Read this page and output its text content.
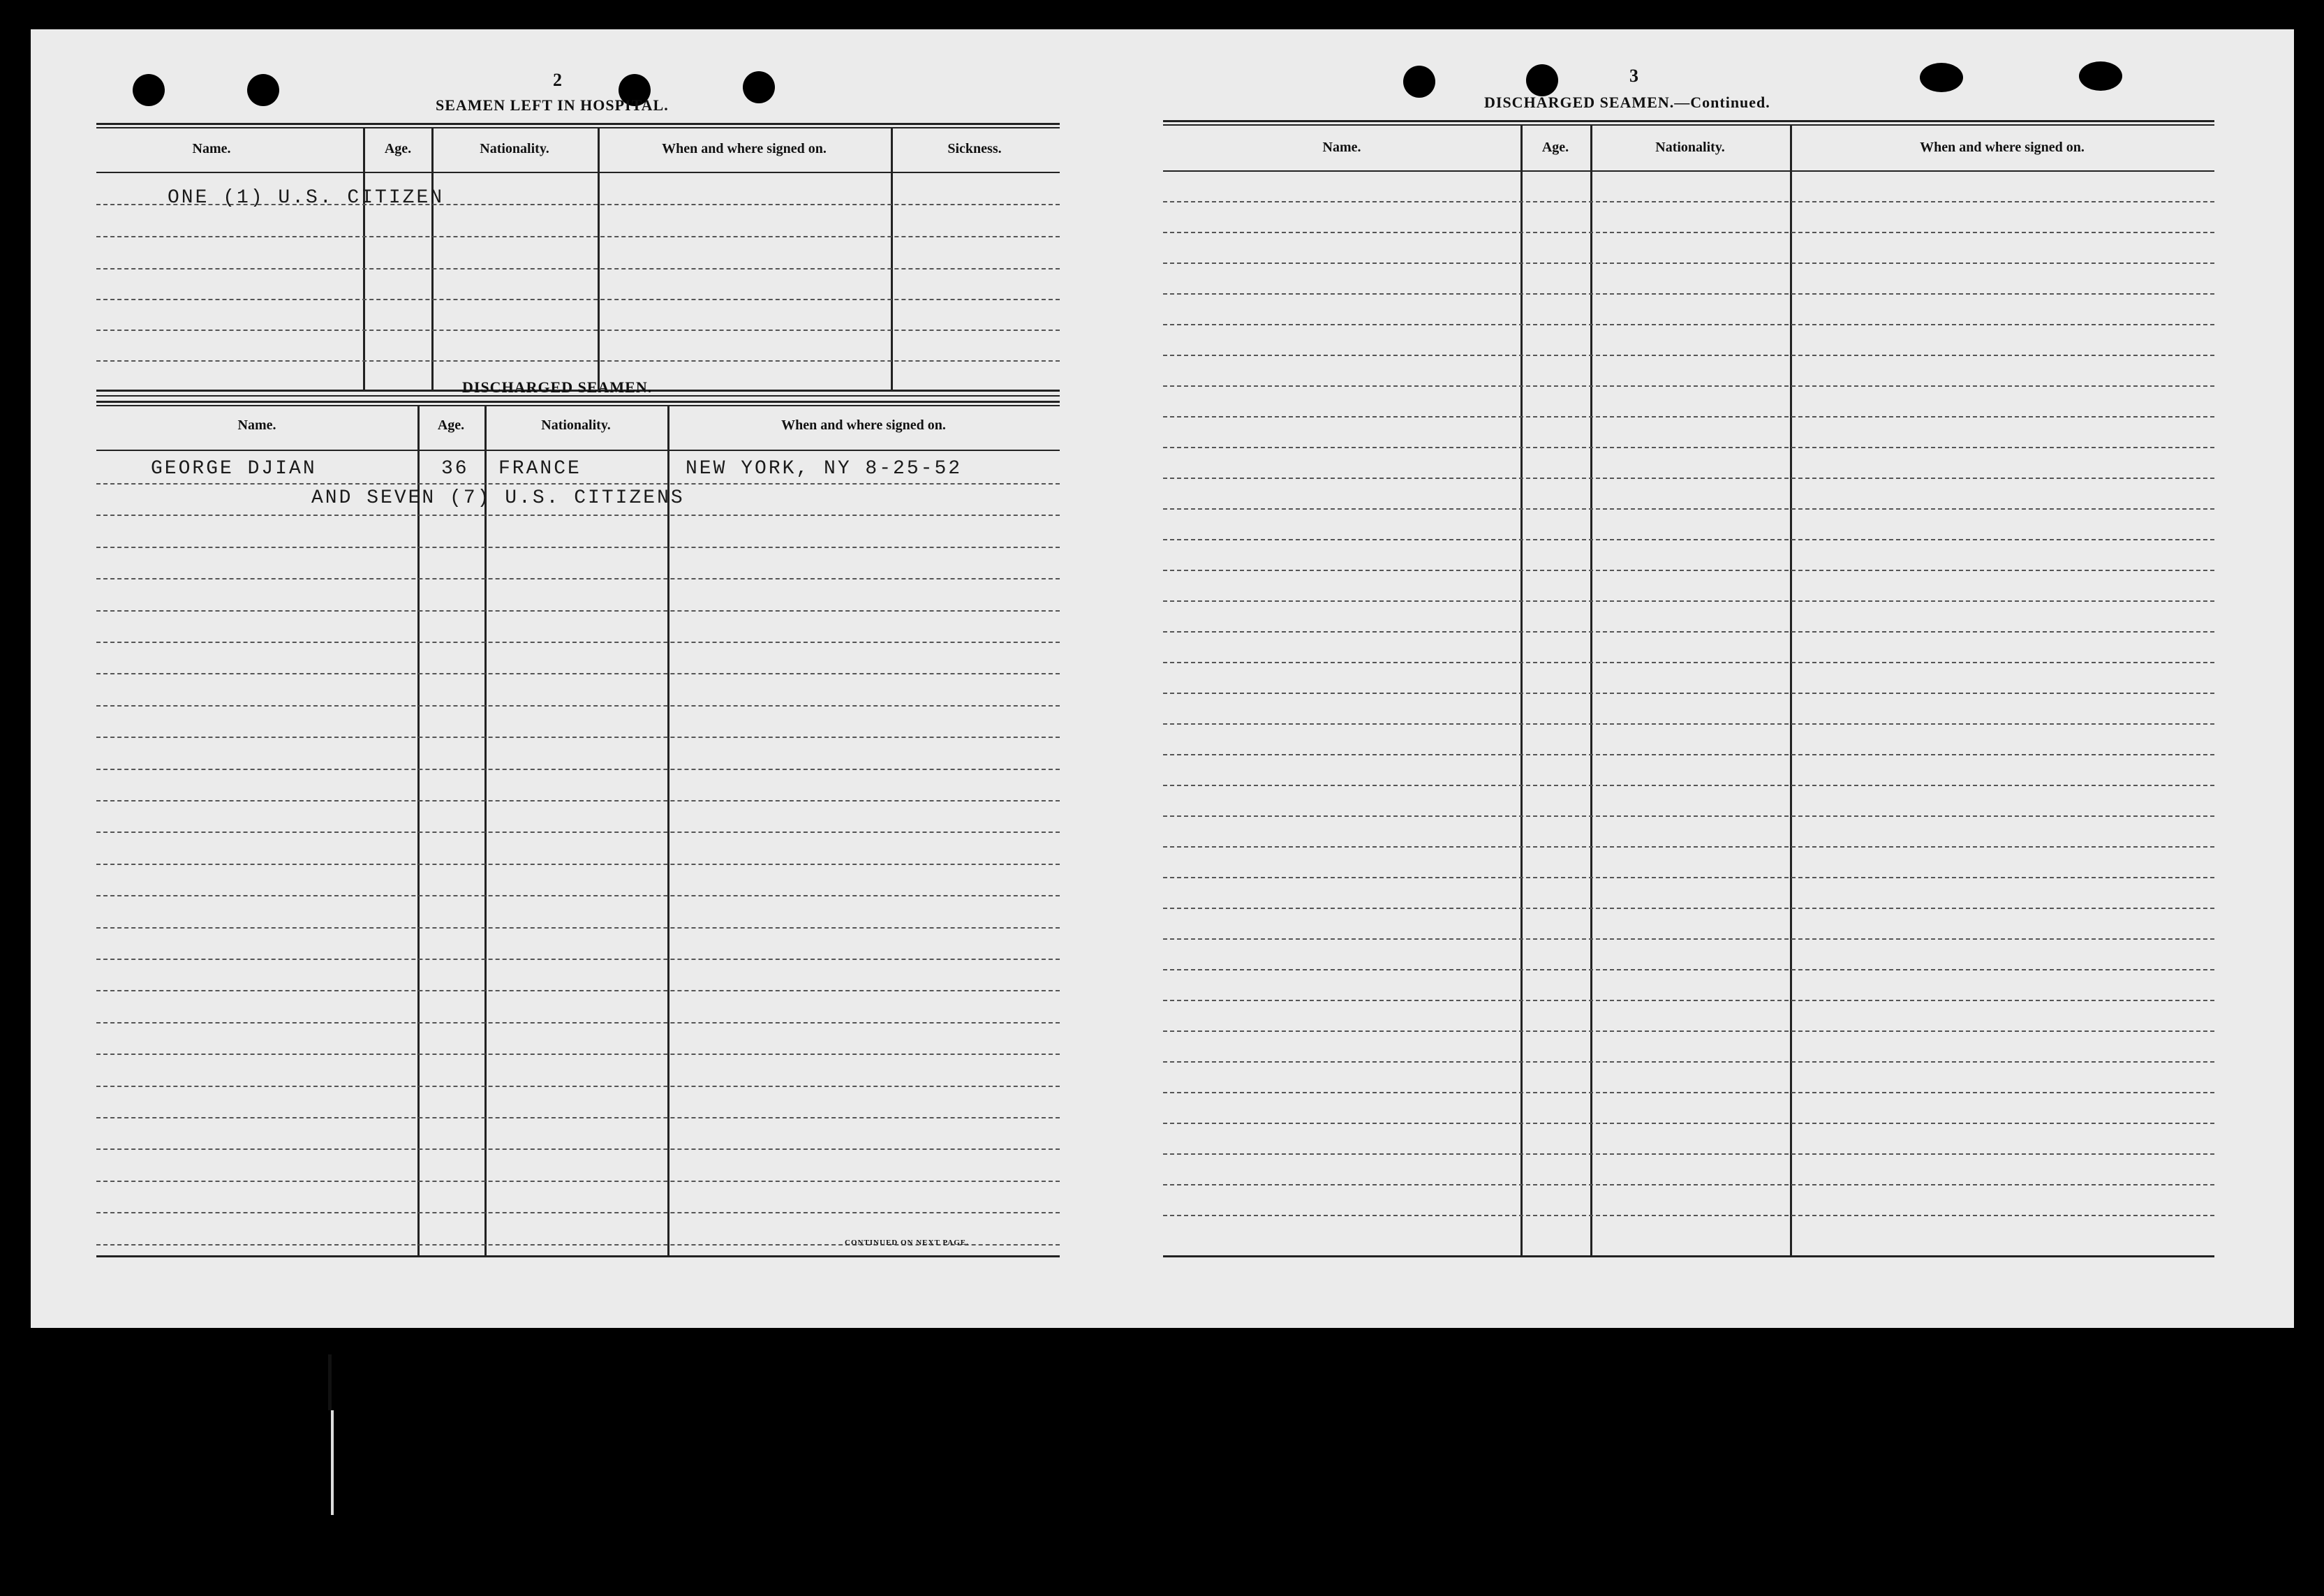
2
SEAMEN LEFT IN HOSPITAL.
Name.	Age.	Nationality.	When and where signed on.	Sickness.
ONE (1) U.S. CITIZEN
DISCHARGED SEAMEN.
Name.	Age.	Nationality.	When and where signed on.
GEORGE DJIAN	36 FRANCE	NEW YORK, NY 8-25-52
AND SEVEN (7) U.S. CITIZENS
CONTINUED ON NEXT PAGE.
3
DISCHARGED SEAMEN.—Continued.
Name.	Age.	Nationality.	When and where signed on.
